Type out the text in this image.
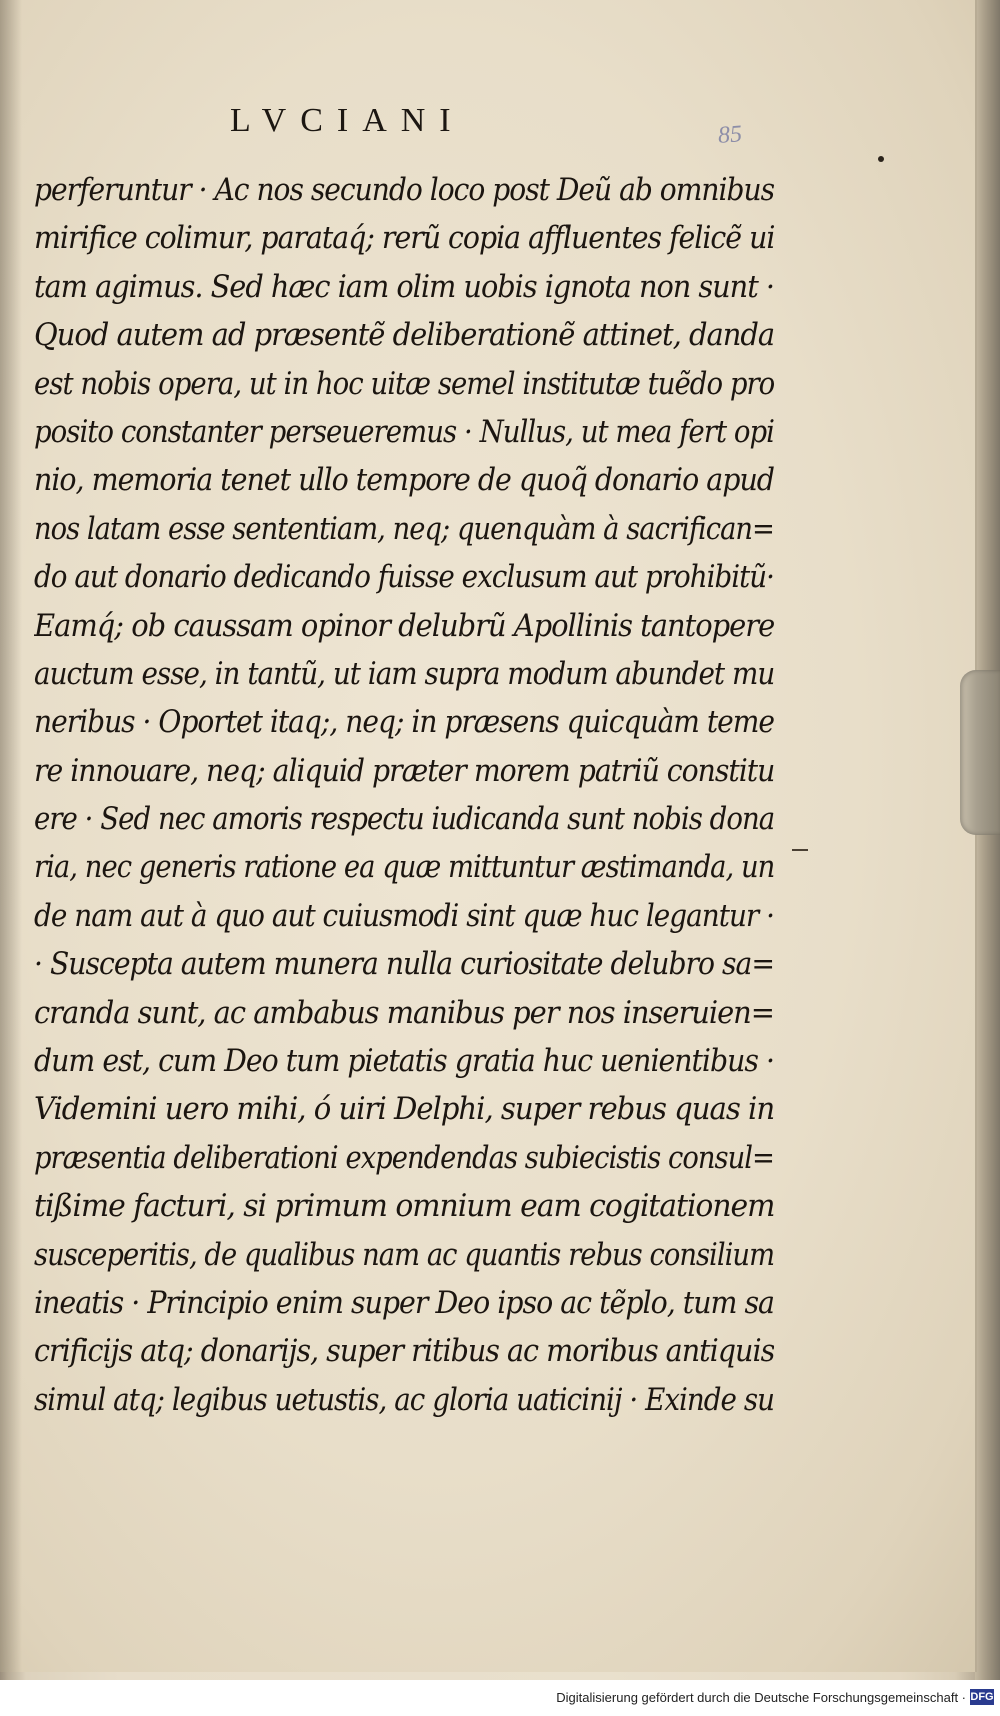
LVCIANI	85
perferuntur · Ac nos secundo loco post Deũ ab omnibus
mirifice colimur, parataq́; rerũ copia affluentes felicẽ ui
tam agimus. Sed hæc iam olim uobis ignota non sunt ·
Quod autem ad præsentẽ deliberationẽ attinet, danda
est nobis opera, ut in hoc uitæ semel institutæ tuẽdo pro
posito constanter perseueremus · Nullus, ut mea fert opi
nio, memoria tenet ullo tempore de quoq̃ donario apud
nos latam esse sententiam, neq; quenquàm à sacrifican=
do aut donario dedicando fuisse exclusum aut prohibitũ·
Eamq́; ob caussam opinor delubrũ Apollinis tantopere
auctum esse, in tantũ, ut iam supra modum abundet mu
neribus · Oportet itaq;, neq; in præsens quicquàm teme
re innouare, neq; aliquid præter morem patriũ constitu
ere · Sed nec amoris respectu iudicanda sunt nobis dona
ria, nec generis ratione ea quæ mittuntur æstimanda, un
de nam aut à quo aut cuiusmodi sint quæ huc legantur ·
· Suscepta autem munera nulla curiositate delubro sa=
cranda sunt, ac ambabus manibus per nos inseruien=
dum est, cum Deo tum pietatis gratia huc uenientibus ·
Videmini uero mihi, ó uiri Delphi, super rebus quas in
præsentia deliberationi expendendas subiecistis consul=
tißime facturi, si primum omnium eam cogitationem
susceperitis, de qualibus nam ac quantis rebus consilium
ineatis · Principio enim super Deo ipso ac tẽplo, tum sa
crificijs atq; donarijs, super ritibus ac moribus antiquis
simul atq; legibus uetustis, ac gloria uaticinij · Exinde su
Digitalisierung gefördert durch die Deutsche Forschungsgemeinschaft · DFG
